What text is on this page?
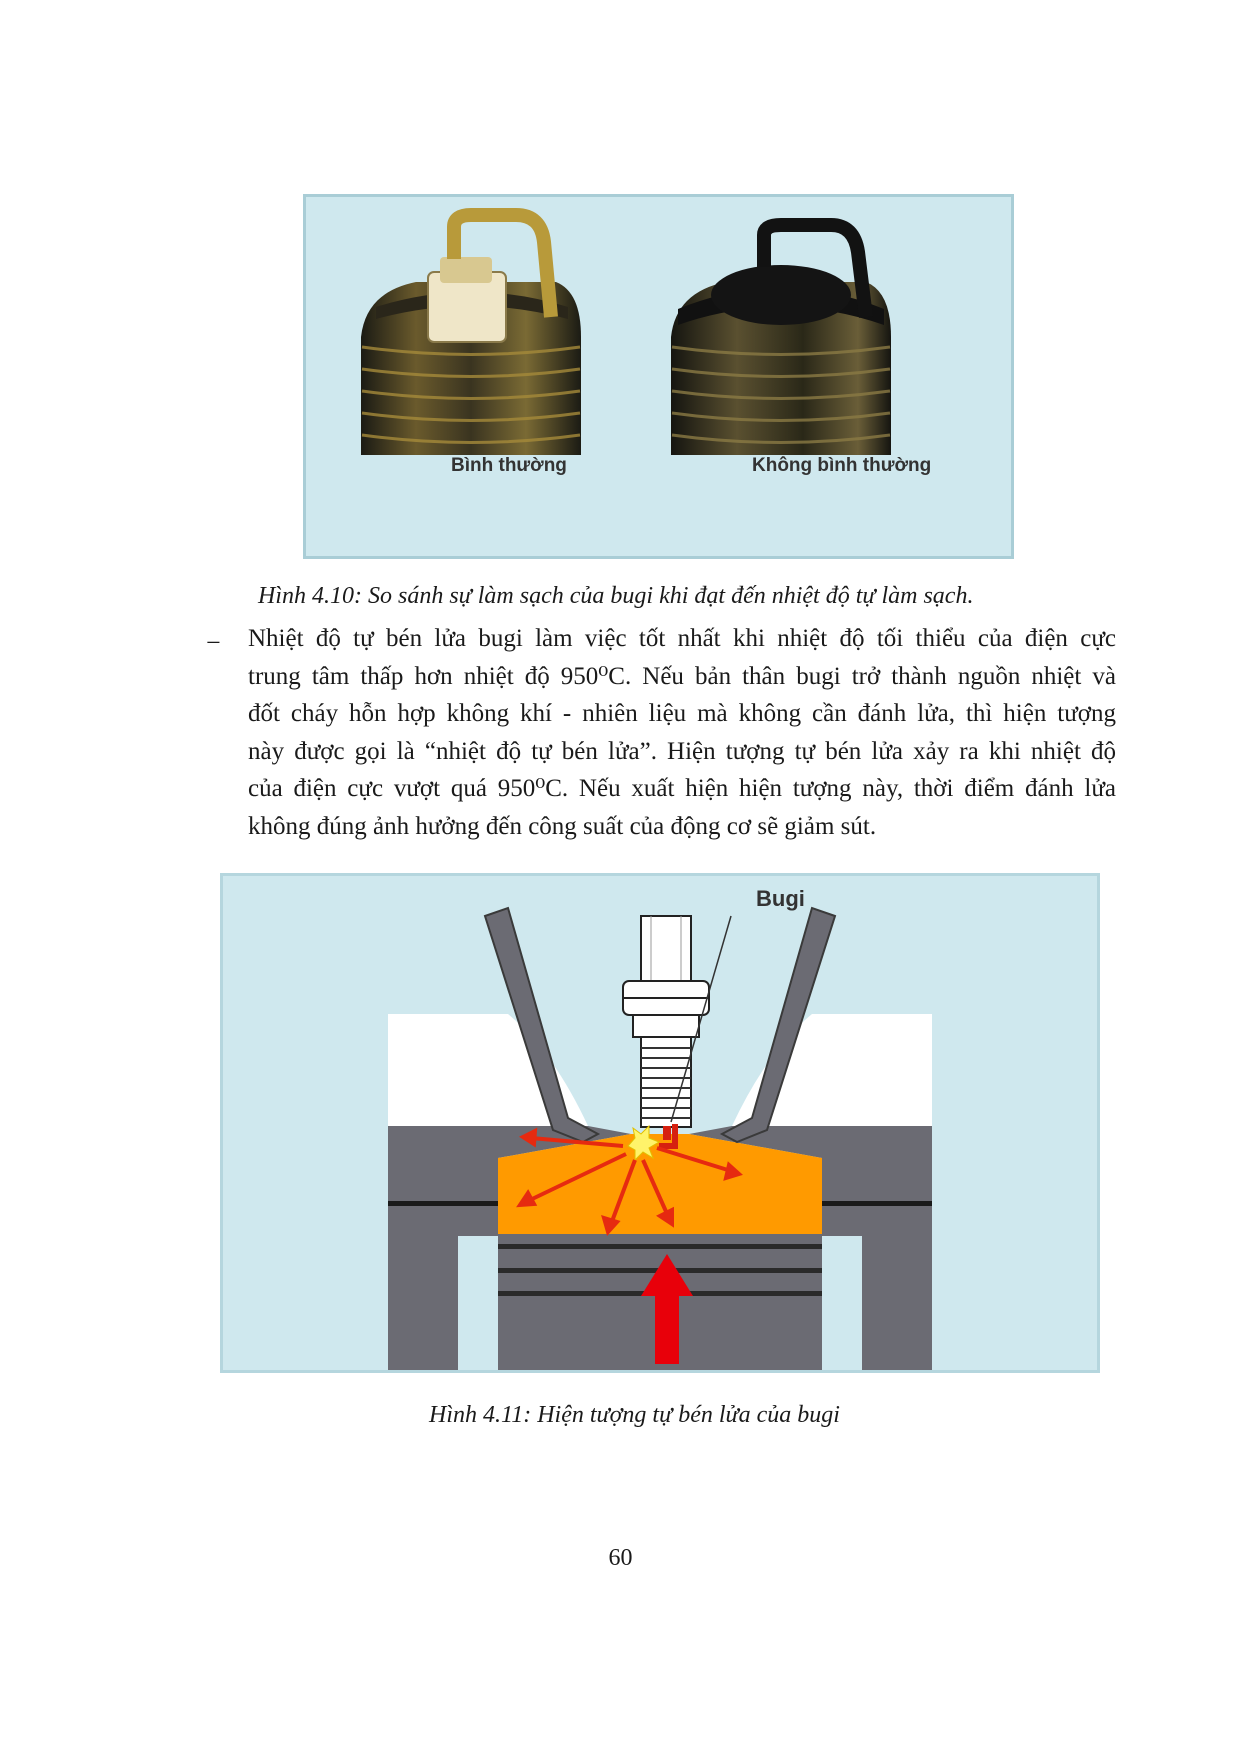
Bình thường	Không bình thường
Hình 4.10: So sánh sự làm sạch của bugi khi đạt đến nhiệt độ tự làm sạch.
− Nhiệt độ tự bén lửa bugi làm việc tốt nhất khi nhiệt độ tối thiểu của điện cực
trung tâm thấp hơn nhiệt độ 950⁰C. Nếu bản thân bugi trở thành nguồn nhiệt và
đốt cháy hỗn hợp không khí - nhiên liệu mà không cần đánh lửa, thì hiện tượng
này được gọi là “nhiệt độ tự bén lửa”. Hiện tượng tự bén lửa xảy ra khi nhiệt độ
của điện cực vượt quá 950⁰C. Nếu xuất hiện hiện tượng này, thời điểm đánh lửa
không đúng ảnh hưởng đến công suất của động cơ sẽ giảm sút.
Bugi
Hình 4.11: Hiện tượng tự bén lửa của bugi
60
